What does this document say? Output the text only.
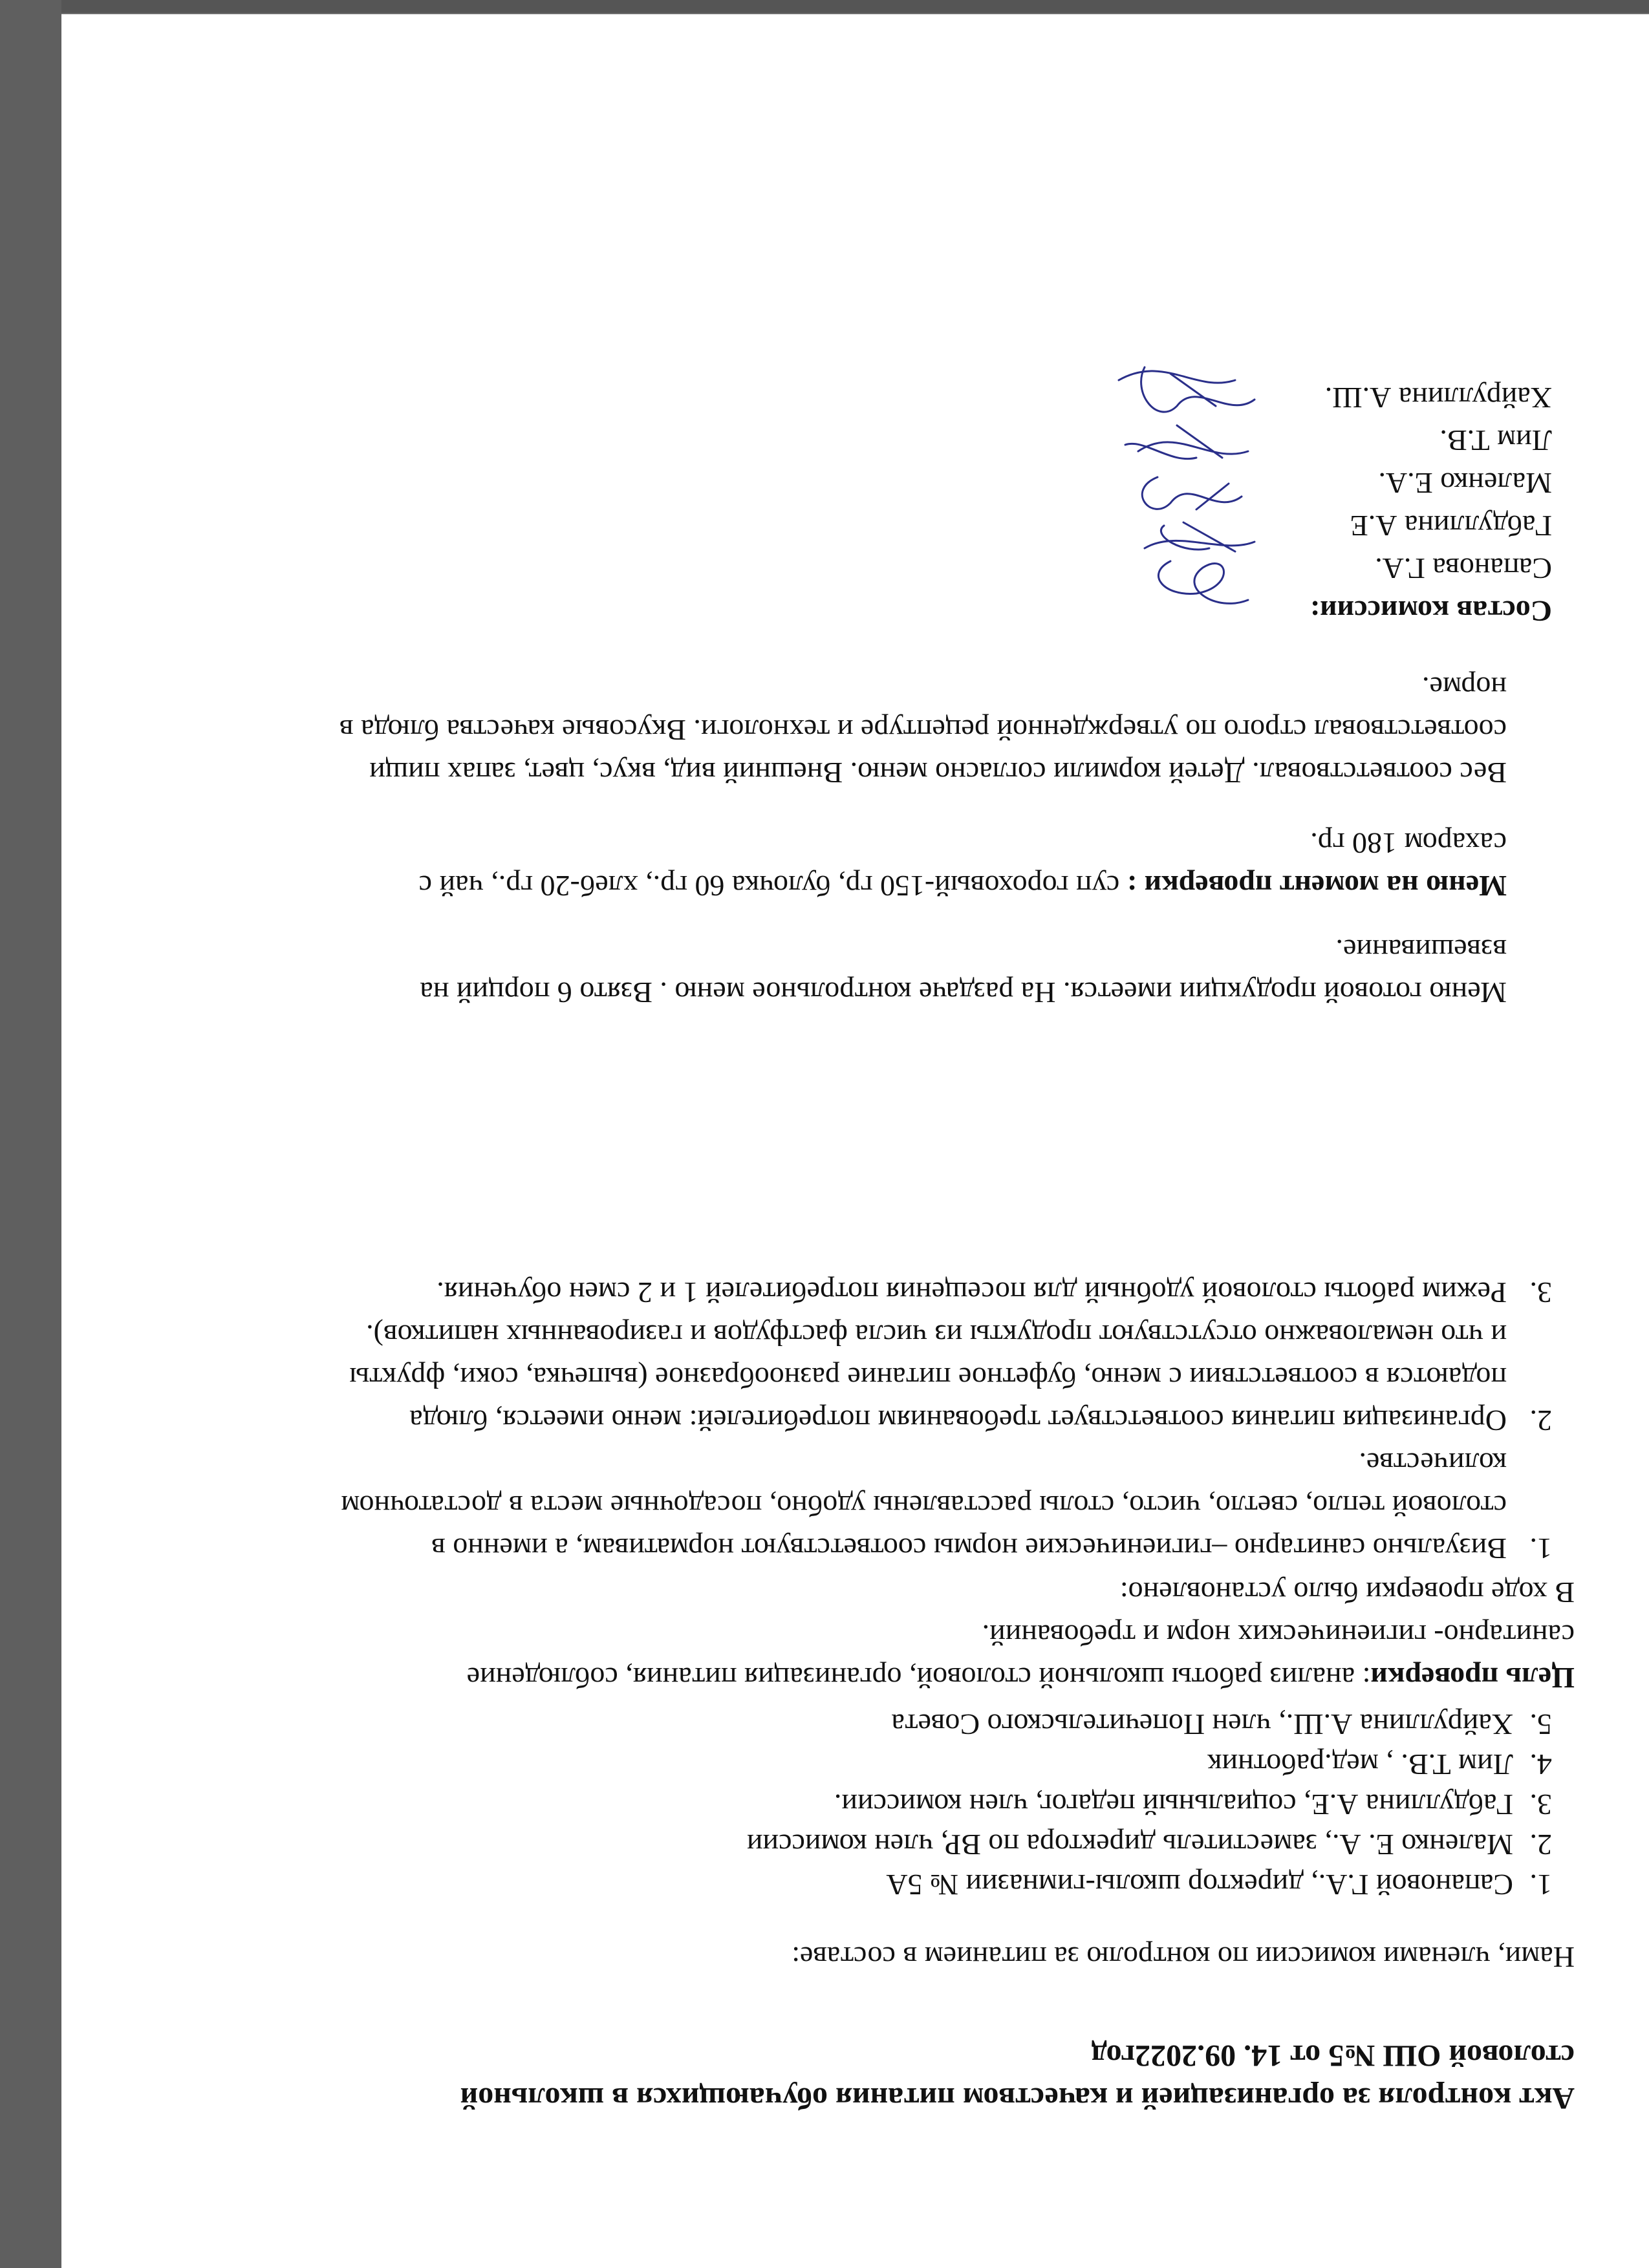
Акт контроля за организацией и качеством питания обучающихся в школьной столовой ОШ №5 от 14. 09.2022год
Нами, членами комиссии по контролю за питанием в составе:
1.Сапановой Г.А., директор школы-гимназии № 5А
2.Маленко Е. А., заместитель директора по ВР, член комиссии
3.Габдуллина А.Е, социальный педагог, член комиссии.
4.Лим Т.В. , мед.работник
5.Хайруллина А.Ш., член Попечительского Совета
Цель проверки: анализ работы школьной столовой, организация питания, соблюдение санитарно- гигиенических норм и требований.
В ходе проверки было установлено:
1.
Визуально санитарно –гигиенические нормы соответствуют нормативам, а именно в столовой тепло, светло, чисто, столы расставлены удобно, посадочные места в достаточном количестве.
2.
Организация питания соответствует требованиям потребителей: меню имеется, блюда подаются в соответствии с меню, буфетное питание разнообразное (выпечка, соки, фрукты и что немаловажно отсутствуют продукты из числа фастфудов и газированных напитков).
3.
Режим работы столовой удобный для посещения потребителей 1 и 2 смен обучения.
Меню готовой продукции имеется. На раздаче контрольное меню . Взято 6 порций на взвешивание.
Меню на момент проверки : суп гороховый-150 гр, булочка 60 гр., хлеб-20 гр., чай с сахаром 180 гр.
Вес соответствовал. Детей кормили согласно меню. Внешний вид, вкус, цвет, запах пищи соответствовал строго по утвержденной рецептуре и технологи. Вкусовые качества блюда в норме.
Состав комиссии:
Сапанова Г.А.
Габдуллина А.Е
Маленко Е.А.
Лим Т.В.
Хайруллина А.Ш.
